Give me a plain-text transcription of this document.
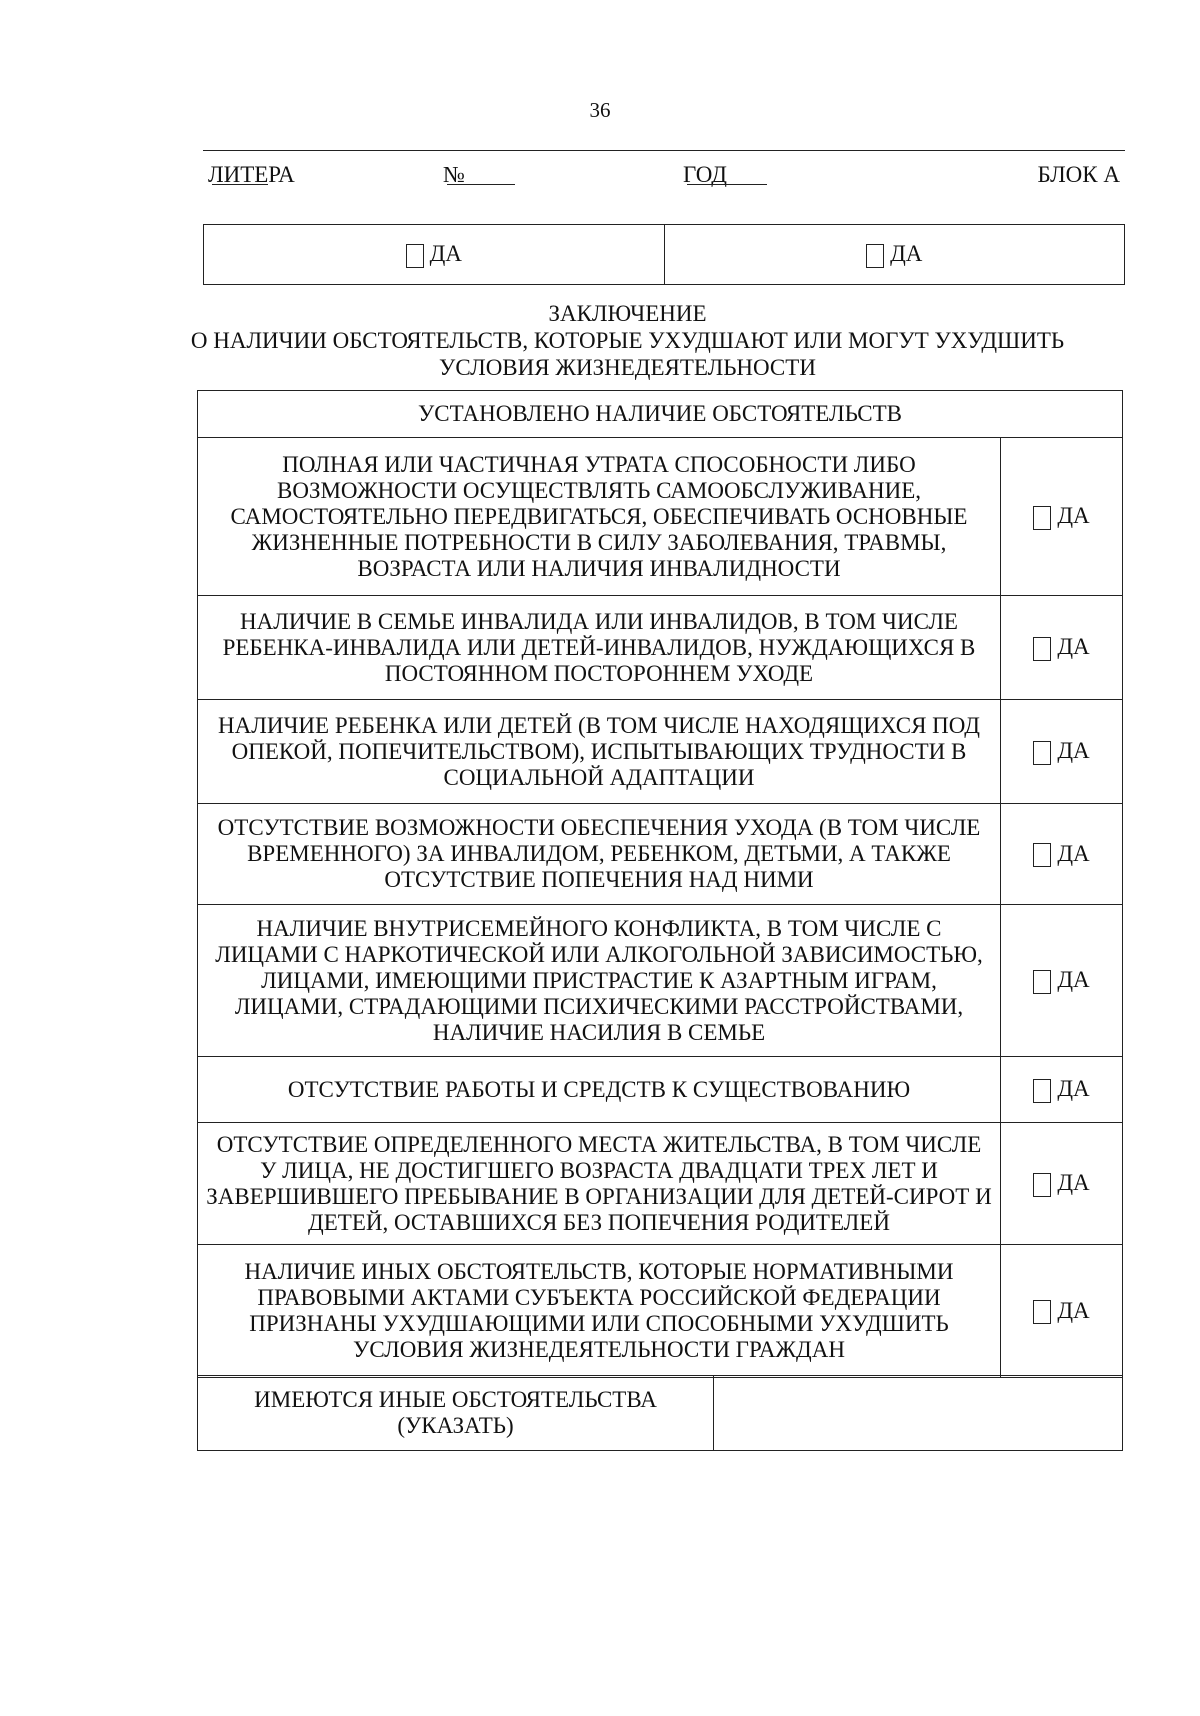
36
ЛИТЕРА	№	ГОД	БЛОК А
ДА	ДА
ЗАКЛЮЧЕНИЕ
О НАЛИЧИИ ОБСТОЯТЕЛЬСТВ, КОТОРЫЕ УХУДШАЮТ ИЛИ МОГУТ УХУДШИТЬ
УСЛОВИЯ ЖИЗНЕДЕЯТЕЛЬНОСТИ
УСТАНОВЛЕНО НАЛИЧИЕ ОБСТОЯТЕЛЬСТВ	
ПОЛНАЯ ИЛИ ЧАСТИЧНАЯ УТРАТА СПОСОБНОСТИ ЛИБО ВОЗМОЖНОСТИ ОСУЩЕСТВЛЯТЬ САМООБСЛУЖИВАНИЕ, САМОСТОЯТЕЛЬНО ПЕРЕДВИГАТЬСЯ, ОБЕСПЕЧИВАТЬ ОСНОВНЫЕ ЖИЗНЕННЫЕ ПОТРЕБНОСТИ В СИЛУ ЗАБОЛЕВАНИЯ, ТРАВМЫ, ВОЗРАСТА ИЛИ НАЛИЧИЯ ИНВАЛИДНОСТИ	ДА
НАЛИЧИЕ В СЕМЬЕ ИНВАЛИДА ИЛИ ИНВАЛИДОВ, В ТОМ ЧИСЛЕ РЕБЕНКА-ИНВАЛИДА ИЛИ ДЕТЕЙ-ИНВАЛИДОВ, НУЖДАЮЩИХСЯ В ПОСТОЯННОМ ПОСТОРОННЕМ УХОДЕ	ДА
НАЛИЧИЕ РЕБЕНКА ИЛИ ДЕТЕЙ (В ТОМ ЧИСЛЕ НАХОДЯЩИХСЯ ПОД ОПЕКОЙ, ПОПЕЧИТЕЛЬСТВОМ), ИСПЫТЫВАЮЩИХ ТРУДНОСТИ В СОЦИАЛЬНОЙ АДАПТАЦИИ	ДА
ОТСУТСТВИЕ ВОЗМОЖНОСТИ ОБЕСПЕЧЕНИЯ УХОДА (В ТОМ ЧИСЛЕ ВРЕМЕННОГО) ЗА ИНВАЛИДОМ, РЕБЕНКОМ, ДЕТЬМИ, А ТАКЖЕ ОТСУТСТВИЕ ПОПЕЧЕНИЯ НАД НИМИ	ДА
НАЛИЧИЕ ВНУТРИСЕМЕЙНОГО КОНФЛИКТА, В ТОМ ЧИСЛЕ С ЛИЦАМИ С НАРКОТИЧЕСКОЙ ИЛИ АЛКОГОЛЬНОЙ ЗАВИСИМОСТЬЮ, ЛИЦАМИ, ИМЕЮЩИМИ ПРИСТРАСТИЕ К АЗАРТНЫМ ИГРАМ, ЛИЦАМИ, СТРАДАЮЩИМИ ПСИХИЧЕСКИМИ РАССТРОЙСТВАМИ, НАЛИЧИЕ НАСИЛИЯ В СЕМЬЕ	ДА
ОТСУТСТВИЕ РАБОТЫ И СРЕДСТВ К СУЩЕСТВОВАНИЮ	ДА
ОТСУТСТВИЕ ОПРЕДЕЛЕННОГО МЕСТА ЖИТЕЛЬСТВА, В ТОМ ЧИСЛЕ У ЛИЦА, НЕ ДОСТИГШЕГО ВОЗРАСТА ДВАДЦАТИ ТРЕХ ЛЕТ И ЗАВЕРШИВШЕГО ПРЕБЫВАНИЕ В ОРГАНИЗАЦИИ ДЛЯ ДЕТЕЙ-СИРОТ И ДЕТЕЙ, ОСТАВШИХСЯ БЕЗ ПОПЕЧЕНИЯ РОДИТЕЛЕЙ	ДА
НАЛИЧИЕ ИНЫХ ОБСТОЯТЕЛЬСТВ, КОТОРЫЕ НОРМАТИВНЫМИ ПРАВОВЫМИ АКТАМИ СУБЪЕКТА РОССИЙСКОЙ ФЕДЕРАЦИИ ПРИЗНАНЫ УХУДШАЮЩИМИ ИЛИ СПОСОБНЫМИ УХУДШИТЬ УСЛОВИЯ ЖИЗНЕДЕЯТЕЛЬНОСТИ ГРАЖДАН	ДА
ИМЕЮТСЯ ИНЫЕ ОБСТОЯТЕЛЬСТВА (УКАЗАТЬ)	
